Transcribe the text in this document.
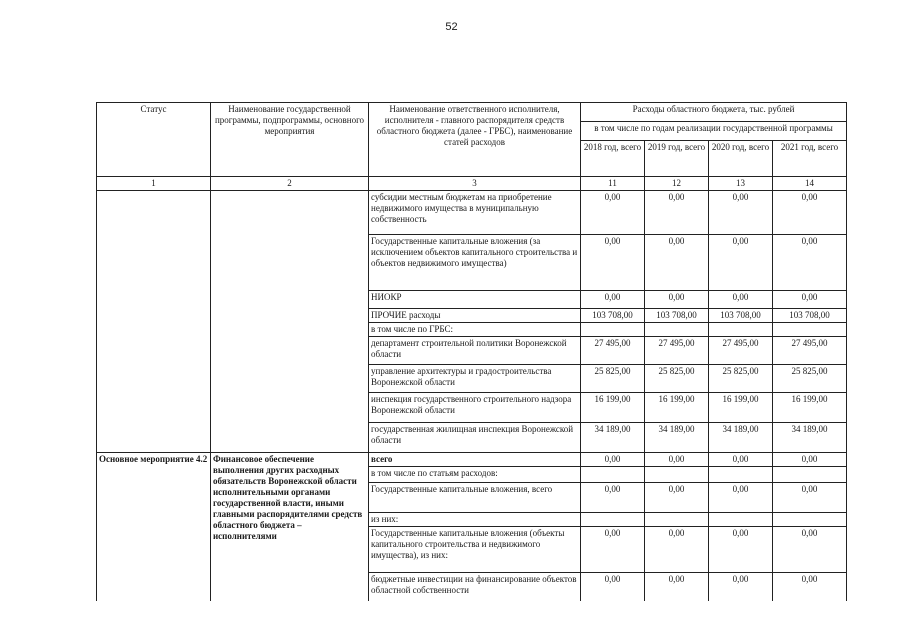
52
Статус	Наименование государственной программы, подпрограммы, основного мероприятия	Наименование ответственного исполнителя, исполнителя - главного распорядителя средств областного бюджета (далее - ГРБС), наименование статей расходов	Расходы областного бюджета, тыс. рублей			
			в том числе по годам реализации государственной программы			
			2018 год, всего	2019 год, всего	2020 год, всего	2021 год, всего
1	2	3	11	12	13	14
		субсидии местным бюджетам на приобретение недвижимого имущества в муниципальную собственность	0,00	0,00	0,00	0,00
		Государственные капитальные вложения (за исключением объектов капитального строительства и объектов недвижимого имущества)	0,00	0,00	0,00	0,00
		НИОКР	0,00	0,00	0,00	0,00
		ПРОЧИЕ расходы	103 708,00	103 708,00	103 708,00	103 708,00
		в том числе по ГРБС:				
		департамент строительной политики Воронежской области	27 495,00	27 495,00	27 495,00	27 495,00
		управление архитектуры и градостроительства Воронежской области	25 825,00	25 825,00	25 825,00	25 825,00
		инспекция государственного строительного надзора Воронежской области	16 199,00	16 199,00	16 199,00	16 199,00
		государственная жилищная инспекция Воронежской области	34 189,00	34 189,00	34 189,00	34 189,00
Основное мероприятие 4.2	Финансовое обеспечение выполнения других расходных обязательств Воронежской области исполнительными органами государственной власти, иными главными распорядителями средств областного бюджета – исполнителями	всего	0,00	0,00	0,00	0,00
		в том числе по статьям расходов:				
		Государственные капитальные вложения, всего	0,00	0,00	0,00	0,00
		из них:				
		Государственные капитальные вложения (объекты капитального строительства и недвижимого имущества), из них:	0,00	0,00	0,00	0,00
		бюджетные инвестиции на финансирование объектов областной собственности	0,00	0,00	0,00	0,00
